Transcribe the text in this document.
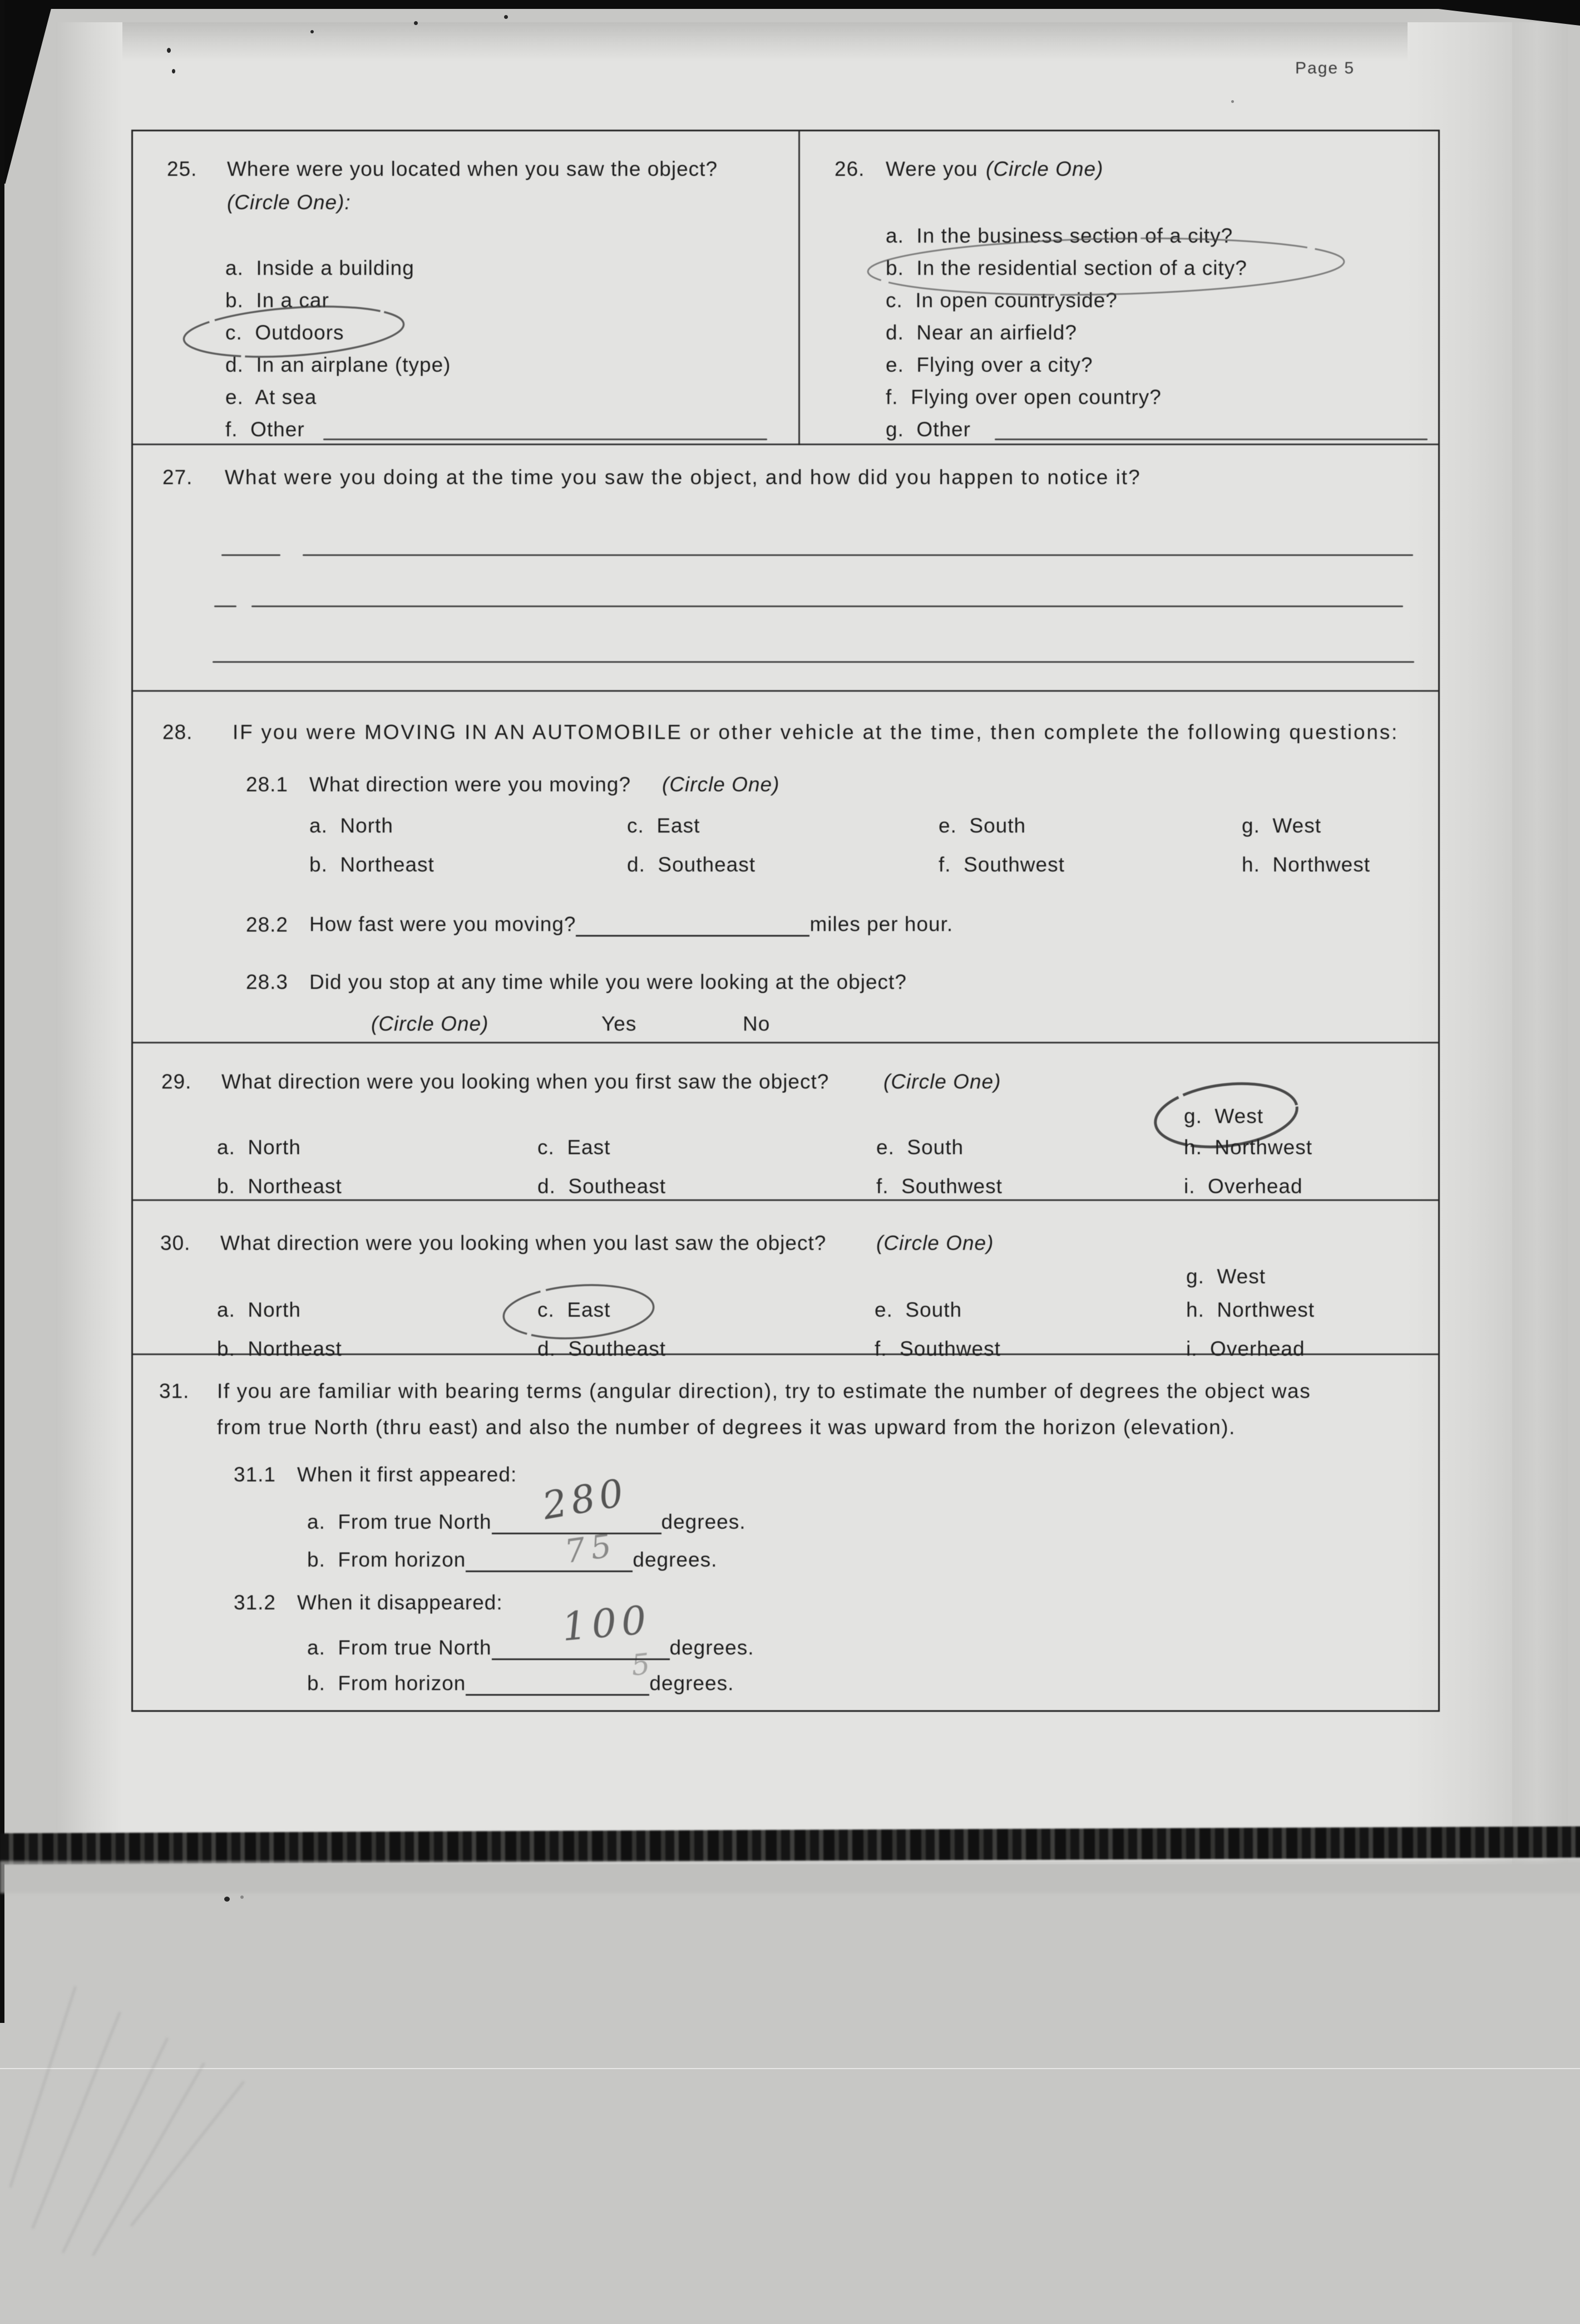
Page 5
25. Where were you located when you saw the object?
(Circle One):
a.  Inside a building
b.  In a car
c.  Outdoors
d.  In an airplane (type)
e.  At sea
f.  Other
26. Were you (Circle One)
a.  In the business section of a city?
b.  In the residential section of a city?
c.  In open countryside?
d.  Near an airfield?
e.  Flying over a city?
f.  Flying over open country?
g.  Other
27. What were you doing at the time you saw the object, and how did you happen to notice it?
28. IF you were MOVING IN AN AUTOMOBILE or other vehicle at the time, then complete the following questions:
28.1 What direction were you moving? (Circle One)
a.  North	c.  East	e.  South	g.  West
b.  Northeast	d.  Southeast	f.  Southwest	h.  Northwest
28.2 How fast were you moving?	miles per hour.
28.3 Did you stop at any time while you were looking at the object?
(Circle One)	Yes	No
29. What direction were you looking when you first saw the object?	(Circle One)
g.  West
a.  North	c.  East	e.  South	h.  Northwest
b.  Northeast	d.  Southeast	f.  Southwest	i.  Overhead
30. What direction were you looking when you last saw the object? (Circle One)
g.  West
a.  North	c.  East	e.  South	h.  Northwest
b.  Northeast	d.  Southeast	f.  Southwest	i.  Overhead
31. If you are familiar with bearing terms (angular direction), try to estimate the number of degrees the object was
from true North (thru east) and also the number of degrees it was upward from the horizon (elevation).
31.1 When it first appeared:
a.  From true North	degrees.
280
b.  From horizon	degrees.
75
31.2 When it disappeared:
a.  From true North	degrees.
100
b.  From horizon	degrees.
5
